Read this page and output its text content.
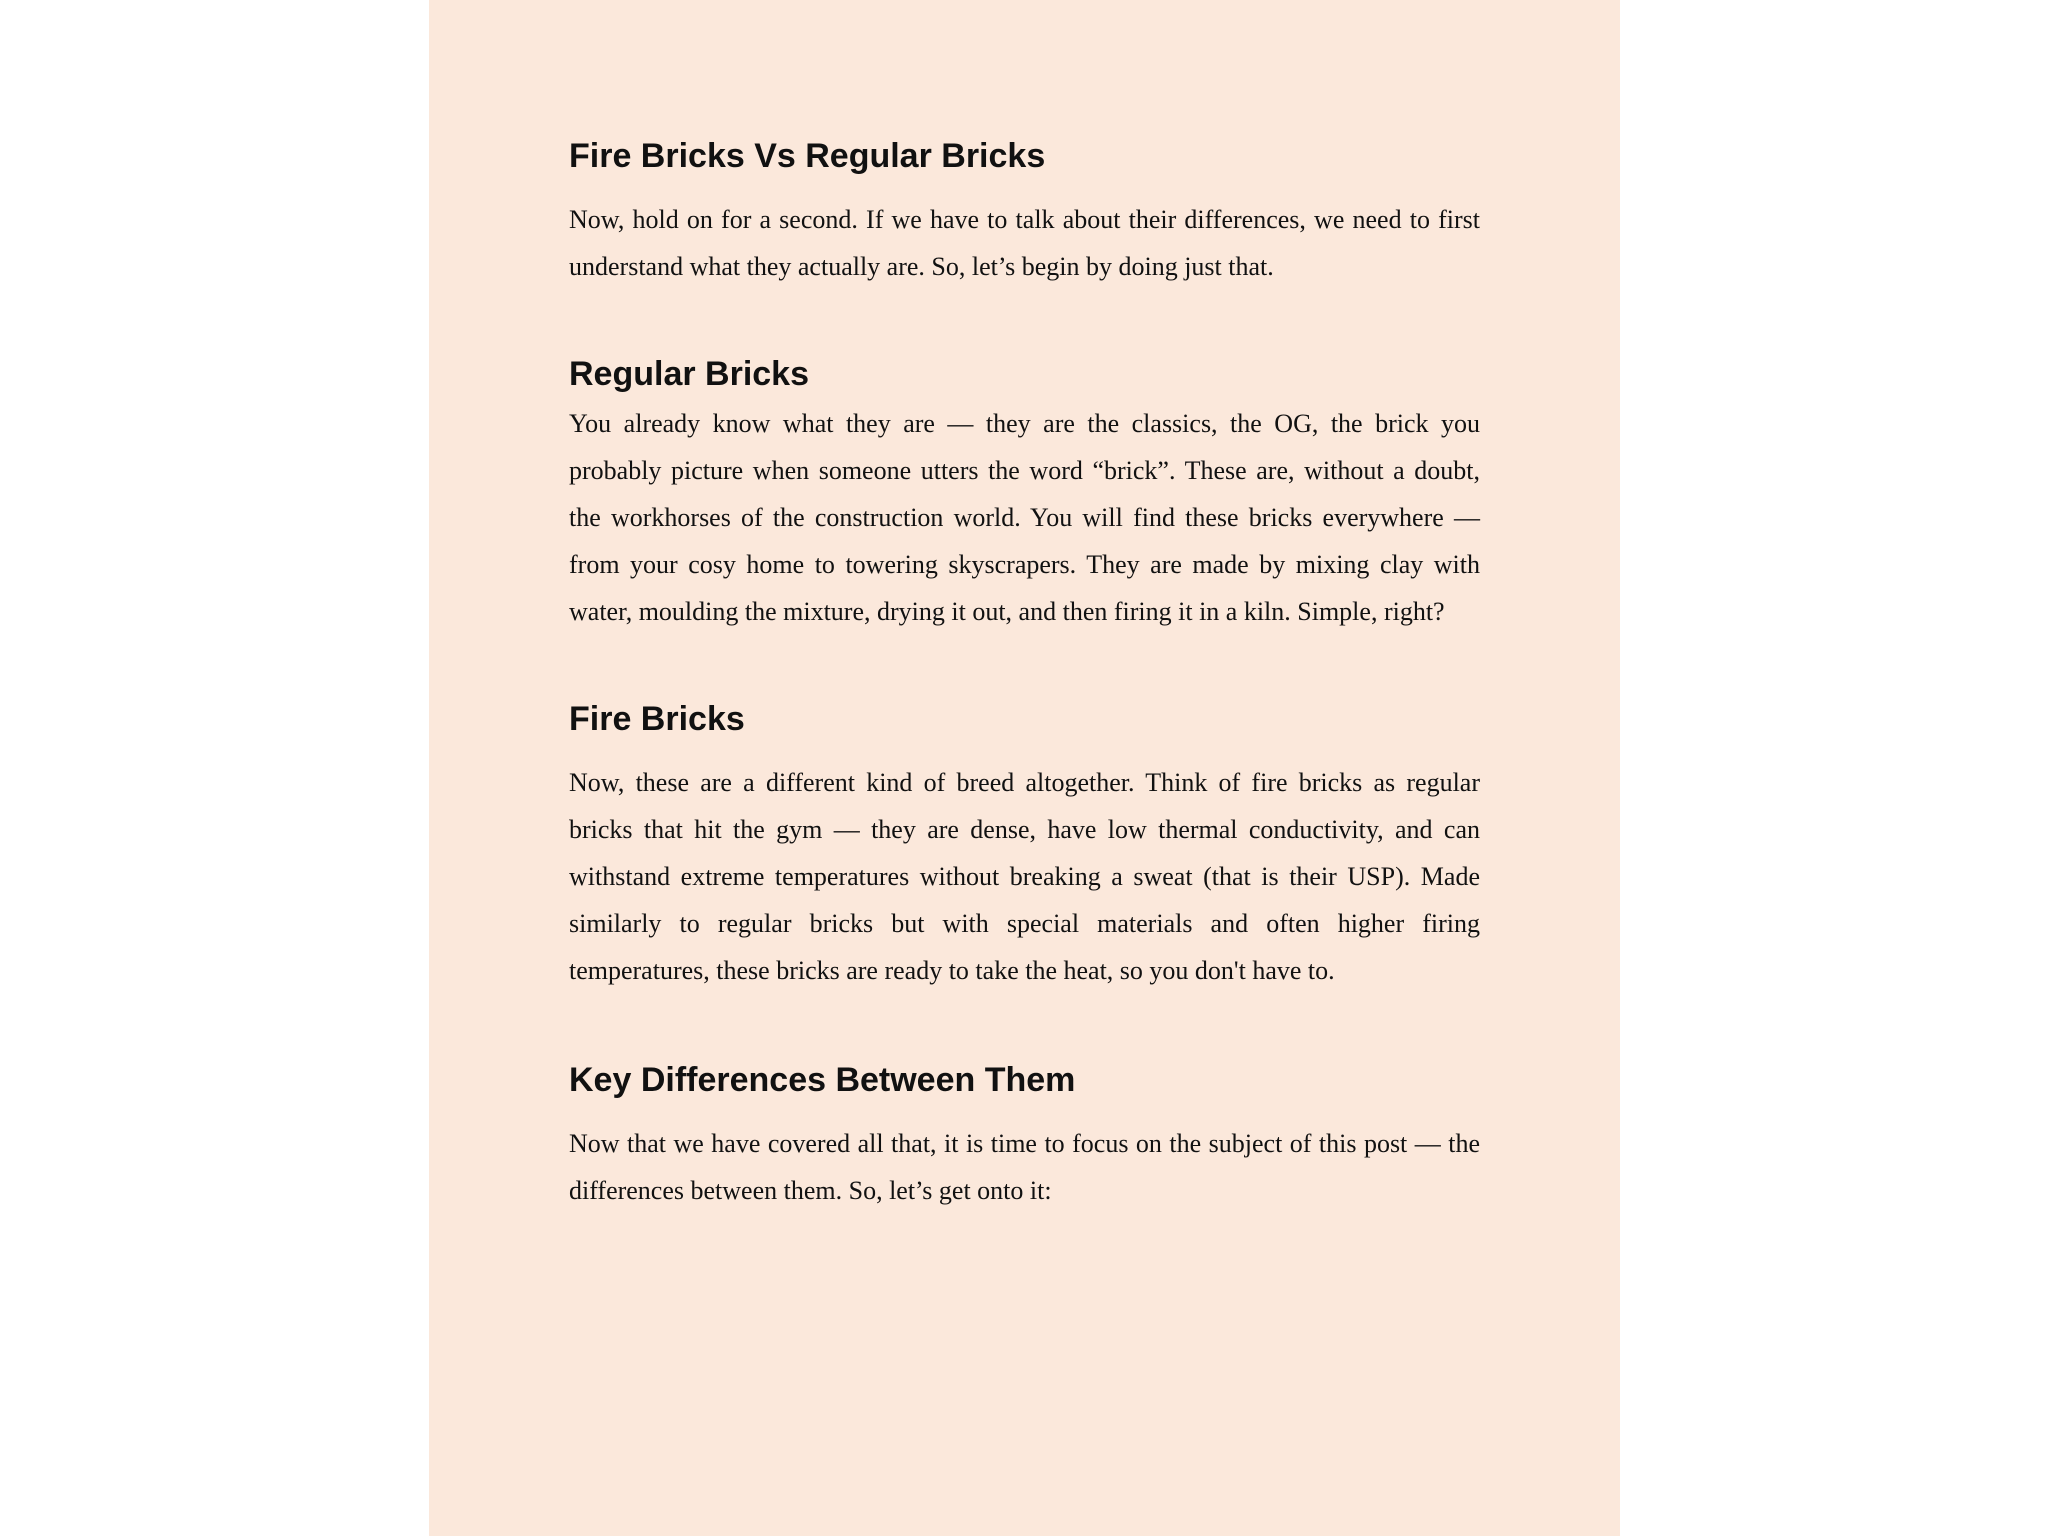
Fire Bricks Vs Regular Bricks

Now, hold on for a second. If we have to talk about their differences, we need to first understand what they actually are. So, let’s begin by doing just that.

Regular Bricks

You already know what they are — they are the classics, the OG, the brick you probably picture when someone utters the word “brick”. These are, without a doubt, the workhorses of the construction world. You will find these bricks everywhere — from your cosy home to towering skyscrapers. They are made by mixing clay with water, moulding the mixture, drying it out, and then firing it in a kiln. Simple, right?

Fire Bricks

Now, these are a different kind of breed altogether. Think of fire bricks as regular bricks that hit the gym — they are dense, have low thermal conductivity, and can withstand extreme temperatures without breaking a sweat (that is their USP). Made similarly to regular bricks but with special materials and often higher firing temperatures, these bricks are ready to take the heat, so you don't have to.

Key Differences Between Them

Now that we have covered all that, it is time to focus on the subject of this post — the differences between them. So, let’s get onto it:
